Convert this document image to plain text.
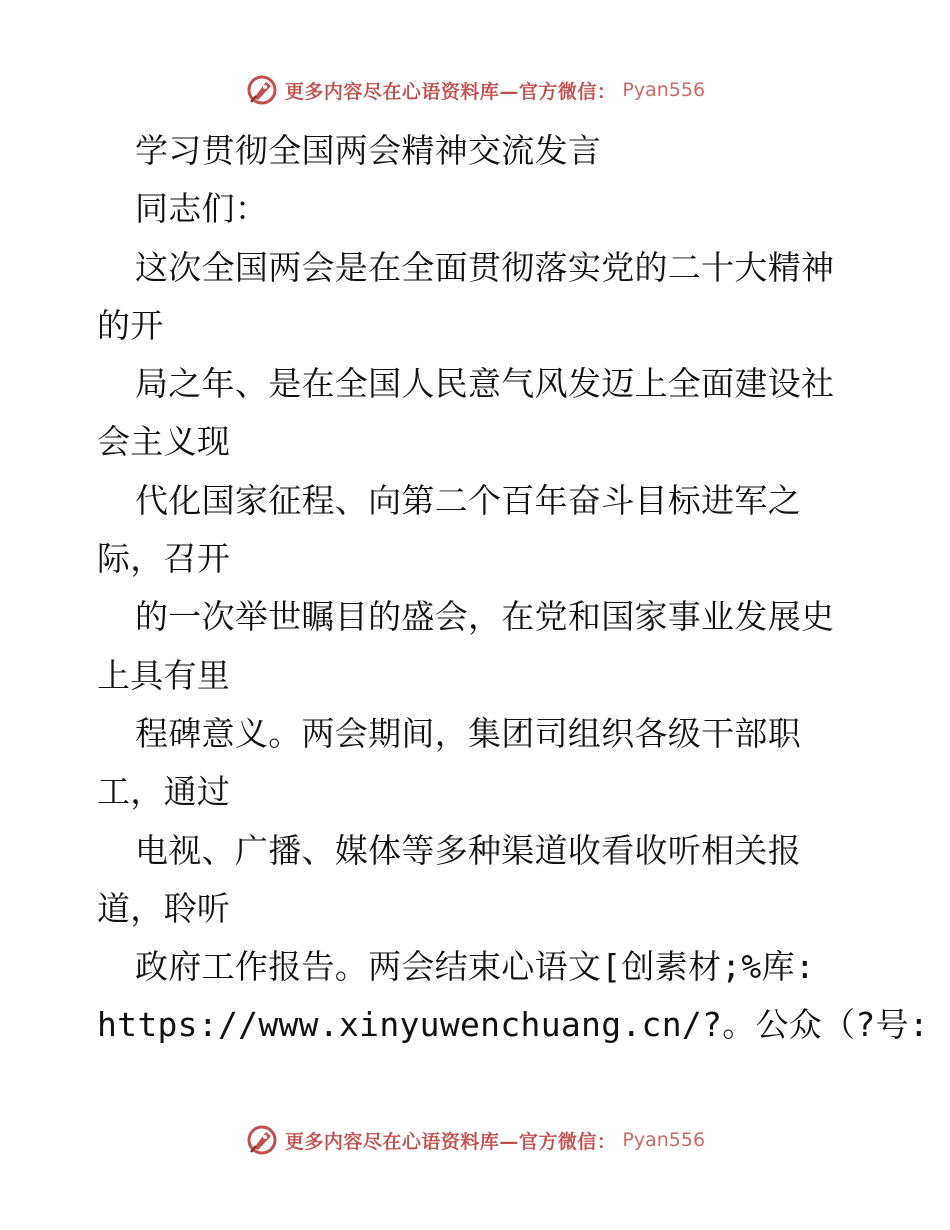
更多内容尽在心语资料库—官方微信： Pyan556
学习贯彻全国两会精神交流发言
同志们：
这次全国两会是在全面贯彻落实党的二十大精神
的开
局之年、是在全国人民意气风发迈上全面建设社
会主义现
代化国家征程、向第二个百年奋斗目标进军之
际，召开
的一次举世瞩目的盛会，在党和国家事业发展史
上具有里
程碑意义。两会期间，集团司组织各级干部职
工，通过
电视、广播、媒体等多种渠道收看收听相关报
道，聆听
政府工作报告。两会结束心语文[创素材;%库:
https://www.xinyuwenchuang.cn/?。公众（?号:
更多内容尽在心语资料库—官方微信： Pyan556
